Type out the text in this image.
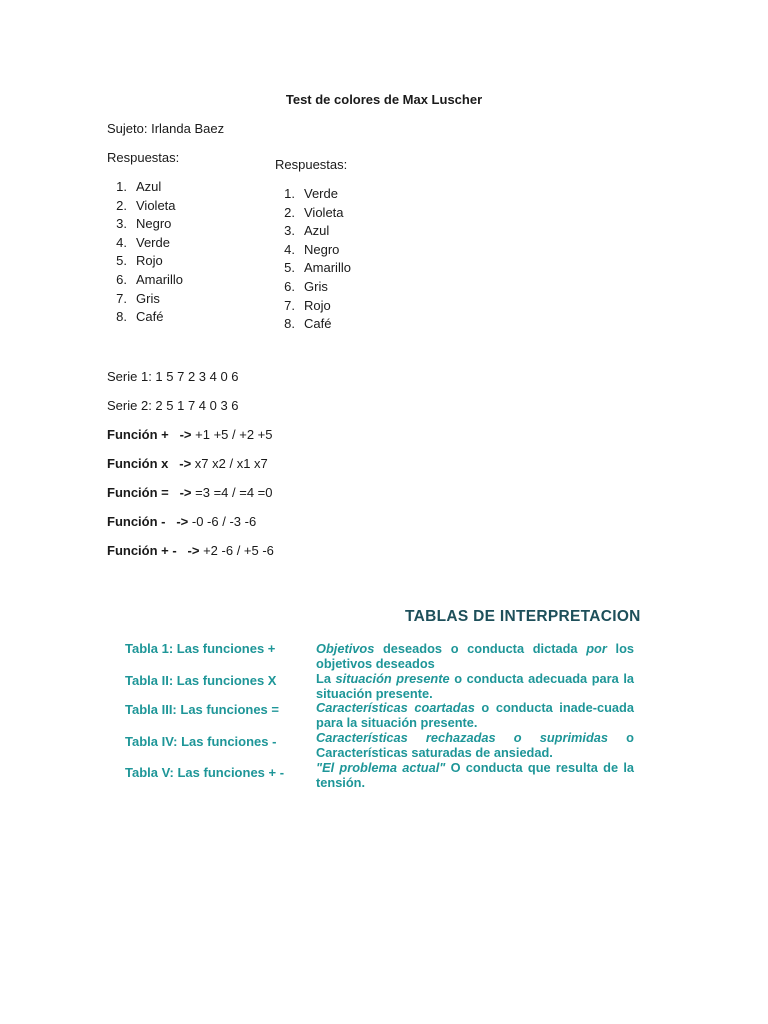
Test de colores de Max Luscher
Sujeto: Irlanda Baez
Respuestas:
1. Azul
2. Violeta
3. Negro
4. Verde
5. Rojo
6. Amarillo
7. Gris
8. Café
Respuestas:
1. Verde
2. Violeta
3. Azul
4. Negro
5. Amarillo
6. Gris
7. Rojo
8. Café
Serie 1: 1 5 7 2 3 4 0 6
Serie 2: 2 5 1 7 4 0 3 6
Función + -> +1 +5 / +2 +5
Función x -> x7 x2 / x1 x7
Función = -> =3 =4 / =4 =0
Función - -> -0 -6 / -3 -6
Función + - -> +2 -6 / +5 -6
TABLAS DE INTERPRETACION
Tabla 1: Las funciones +	Objetivos deseados o conducta dictada por los objetivos deseados
Tabla II: Las funciones X	La situación presente o conducta adecuada para la situación presente.
Tabla III: Las funciones =	Características coartadas o conducta inade-cuada para la situación presente.
Tabla IV: Las funciones -	Características rechazadas o suprimidas o Características saturadas de ansiedad.
Tabla V: Las funciones + - "El problema actual" O conducta que resulta de la tensión.
